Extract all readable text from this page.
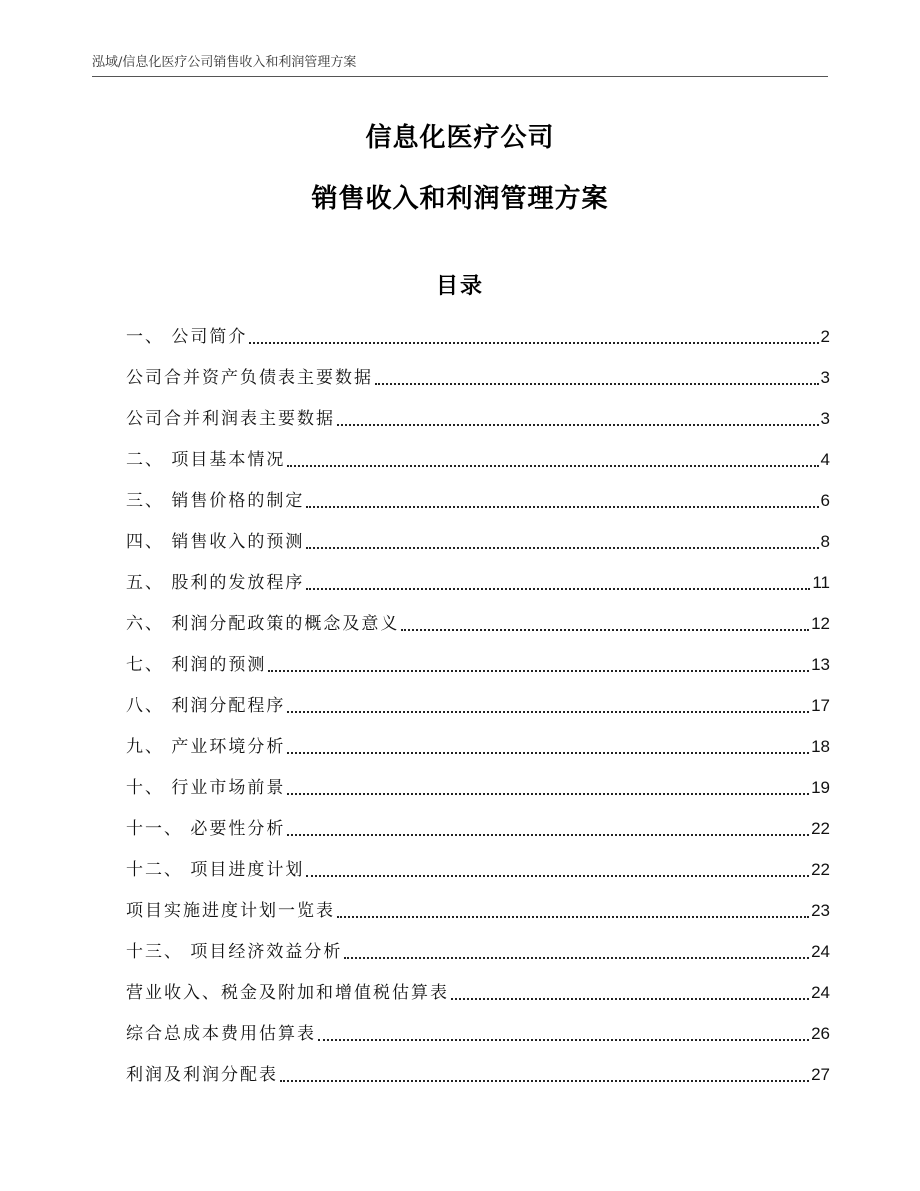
泓域/信息化医疗公司销售收入和利润管理方案
信息化医疗公司
销售收入和利润管理方案
目录
一、 公司简介	2
公司合并资产负债表主要数据	3
公司合并利润表主要数据	3
二、 项目基本情况	4
三、 销售价格的制定	6
四、 销售收入的预测	8
五、 股利的发放程序	11
六、 利润分配政策的概念及意义	12
七、 利润的预测	13
八、 利润分配程序	17
九、 产业环境分析	18
十、 行业市场前景	19
十一、 必要性分析	22
十二、 项目进度计划	22
项目实施进度计划一览表	23
十三、 项目经济效益分析	24
营业收入、税金及附加和增值税估算表	24
综合总成本费用估算表	26
利润及利润分配表	27
